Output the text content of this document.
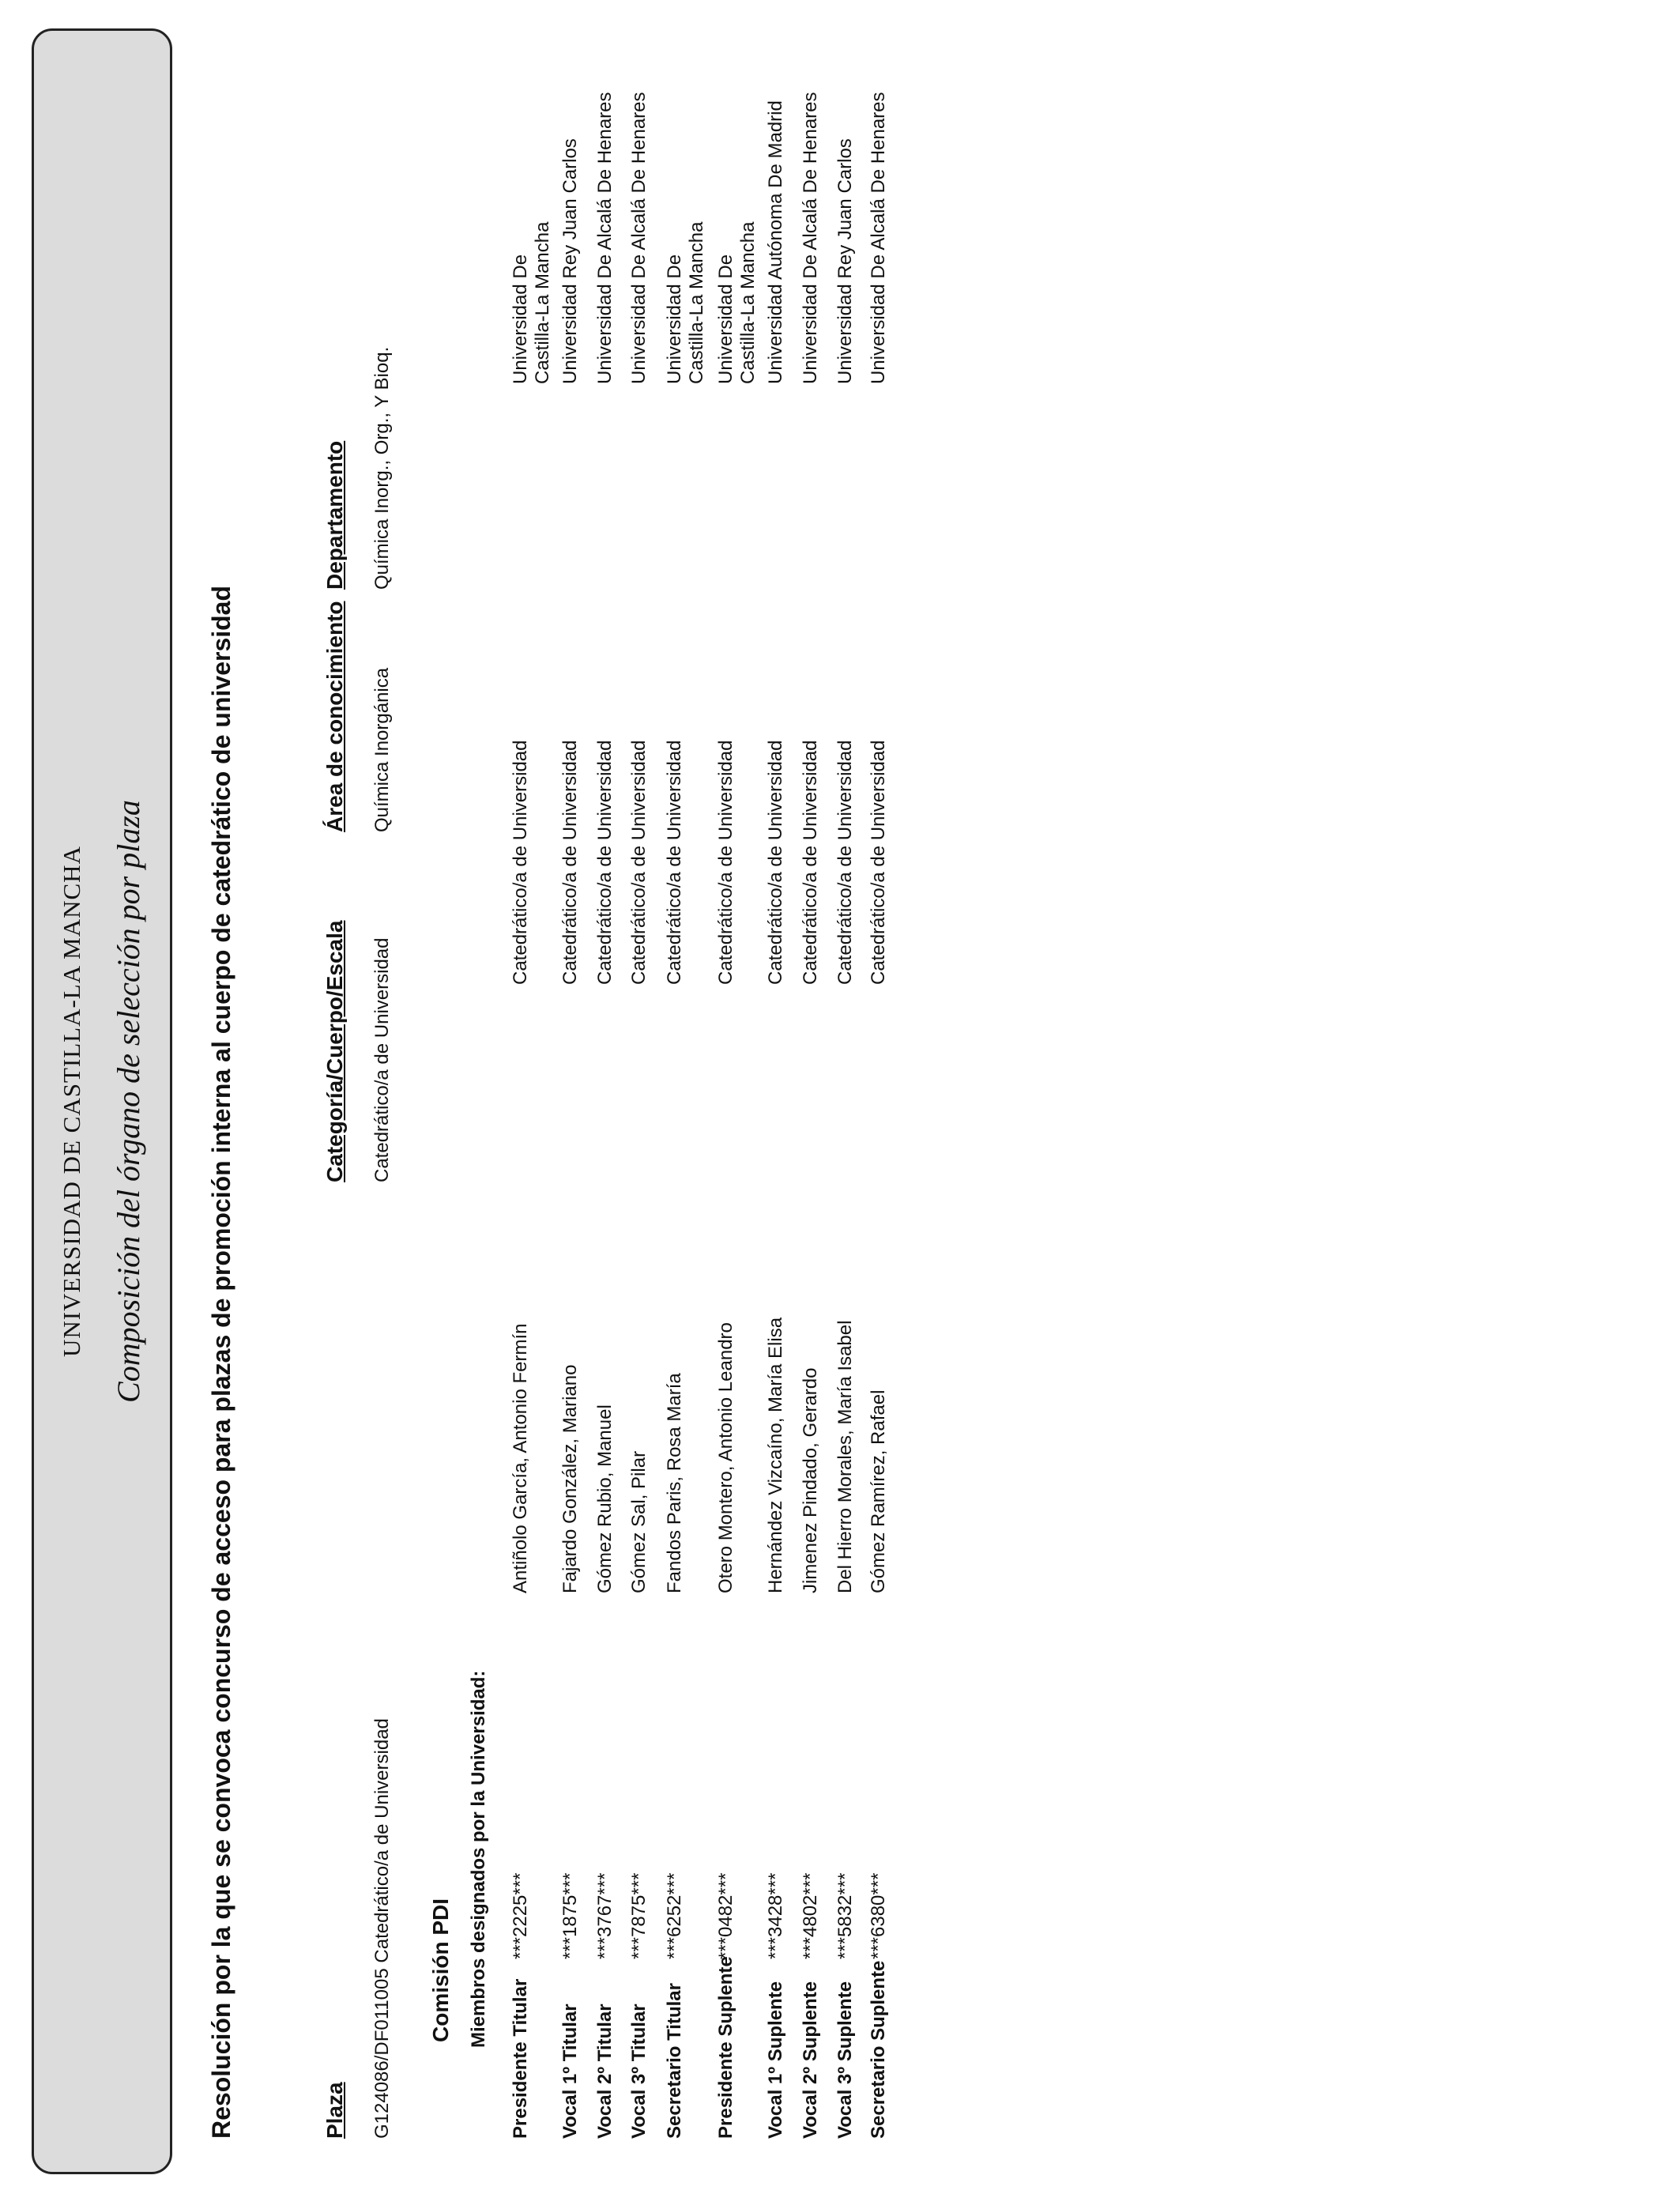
UNIVERSIDAD DE CASTILLA-LA MANCHA Composición del órgano de selección por plaza Resolución por la que se convoca concurso de acceso para plazas de promoción interna al cuerpo de catedrático de universidad	Plaza
Categoría/Cuerpo/Escala
Área de conocimiento
Departamento
G124086/DF011005 Catedrático/a de Universidad
Catedrático/a de Universidad
Química Inorgánica
Química Inorg., Org., Y Bioq.
Comisión PDI Miembros designados por la Universidad:
Presidente Titular
***2225***
Antiñolo García, Antonio Fermín
Catedrático/a de Universidad
Universidad De Castilla-La Mancha
Vocal 1º Titular
***1875***
Fajardo González, Mariano
Catedrático/a de Universidad
Universidad Rey Juan Carlos
Vocal 2º Titular
***3767***
Gómez Rubio, Manuel
Catedrático/a de Universidad
Universidad De Alcalá De Henares
Vocal 3º Titular
***7875***
Gómez Sal, Pilar
Catedrático/a de Universidad
Universidad De Alcalá De Henares
Secretario Titular
***6252***
Fandos Paris, Rosa María
Catedrático/a de Universidad
Universidad De Castilla-La Mancha
Presidente Suplente
***0482***
Otero Montero, Antonio Leandro
Catedrático/a de Universidad
Universidad De Castilla-La Mancha
Vocal 1º Suplente
***3428***
Hernández Vizcaíno, María Elisa
Catedrático/a de Universidad
Universidad Autónoma De Madrid
Vocal 2º Suplente
***4802***
Jimenez Pindado, Gerardo
Catedrático/a de Universidad
Universidad De Alcalá De Henares
Vocal 3º Suplente
***5832***
Del Hierro Morales, María Isabel
Catedrático/a de Universidad
Universidad Rey Juan Carlos
Secretario Suplente
***6380***
Gómez Ramírez, Rafael
Catedrático/a de Universidad
Universidad De Alcalá De Henares
